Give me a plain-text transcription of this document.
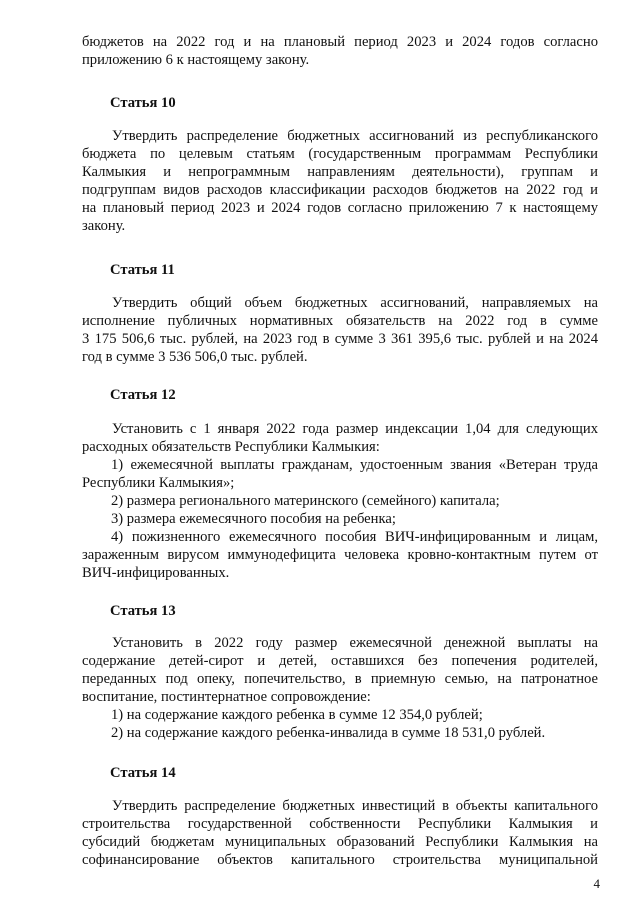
бюджетов на 2022 год и на плановый период 2023 и 2024 годов согласно
приложению 6 к настоящему закону.
Статья 10
Утвердить распределение бюджетных ассигнований из республиканского
бюджета по целевым статьям (государственным программам Республики
Калмыкия и непрограммным направлениям деятельности), группам и
подгруппам видов расходов классификации расходов бюджетов на 2022 год и
на плановый период 2023 и 2024 годов согласно приложению 7 к настоящему
закону.
Статья 11
Утвердить общий объем бюджетных ассигнований, направляемых на
исполнение публичных нормативных обязательств на 2022 год в сумме
3 175 506,6 тыс. рублей, на 2023 год в сумме 3 361 395,6 тыс. рублей и на 2024
год в сумме 3 536 506,0 тыс. рублей.
Статья 12
Установить с 1 января 2022 года размер индексации 1,04 для следующих
расходных обязательств Республики Калмыкия:
1) ежемесячной выплаты гражданам, удостоенным звания «Ветеран труда
Республики Калмыкия»;
2) размера регионального материнского (семейного) капитала;
3) размера ежемесячного пособия на ребенка;
4) пожизненного ежемесячного пособия ВИЧ-инфицированным и лицам,
зараженным вирусом иммунодефицита человека кровно-контактным путем от
ВИЧ-инфицированных.
Статья 13
Установить в 2022 году размер ежемесячной денежной выплаты на
содержание детей-сирот и детей, оставшихся без попечения родителей,
переданных под опеку, попечительство, в приемную семью, на патронатное
воспитание, постинтернатное сопровождение:
1) на содержание каждого ребенка в сумме 12 354,0 рублей;
2) на содержание каждого ребенка-инвалида в сумме 18 531,0 рублей.
Статья 14
Утвердить распределение бюджетных инвестиций в объекты капитального
строительства государственной собственности Республики Калмыкия и
субсидий бюджетам муниципальных образований Республики Калмыкия на
софинансирование объектов капитального строительства муниципальной
4
